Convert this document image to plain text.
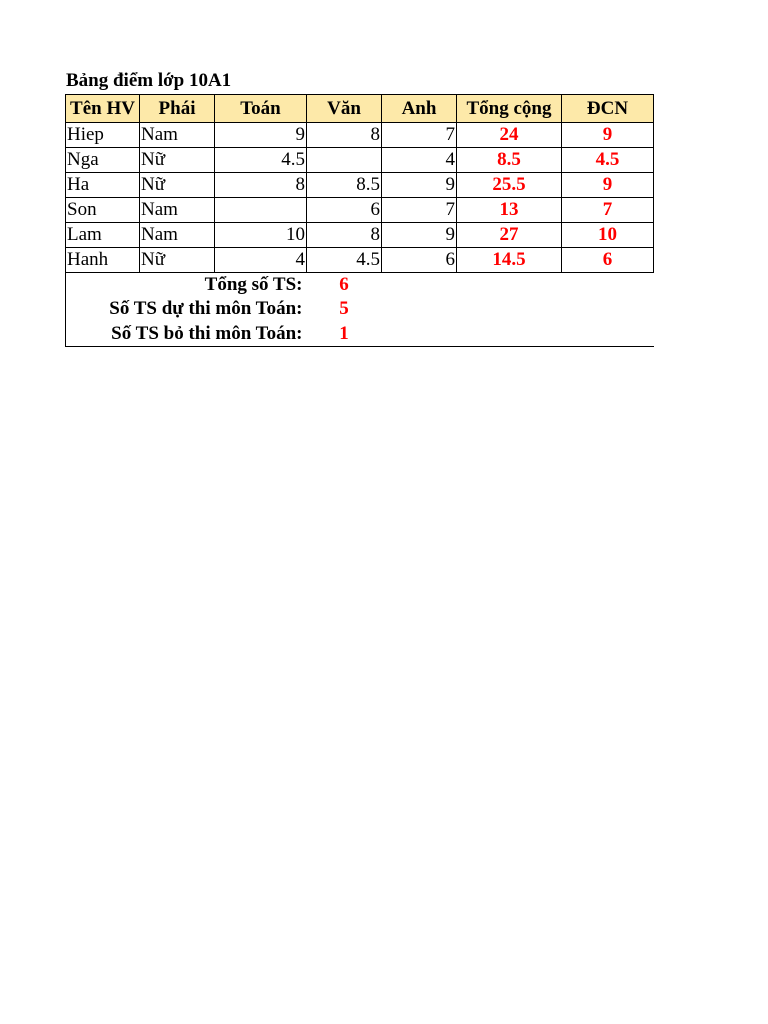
Bảng điểm lớp 10A1
Tên HV	Phái	Toán	Văn	Anh	Tổng cộng	ĐCN
Hiep	Nam	9	8	7	24	9
Nga	Nữ	4.5		4	8.5	4.5
Ha	Nữ	8	8.5	9	25.5	9
Son	Nam		6	7	13	7
Lam	Nam	10	8	9	27	10
Hanh	Nữ	4	4.5	6	14.5	6
Tổng số TS:			6			
Số TS dự thi môn Toán:			5			
Số TS bỏ thi môn Toán:			1			
